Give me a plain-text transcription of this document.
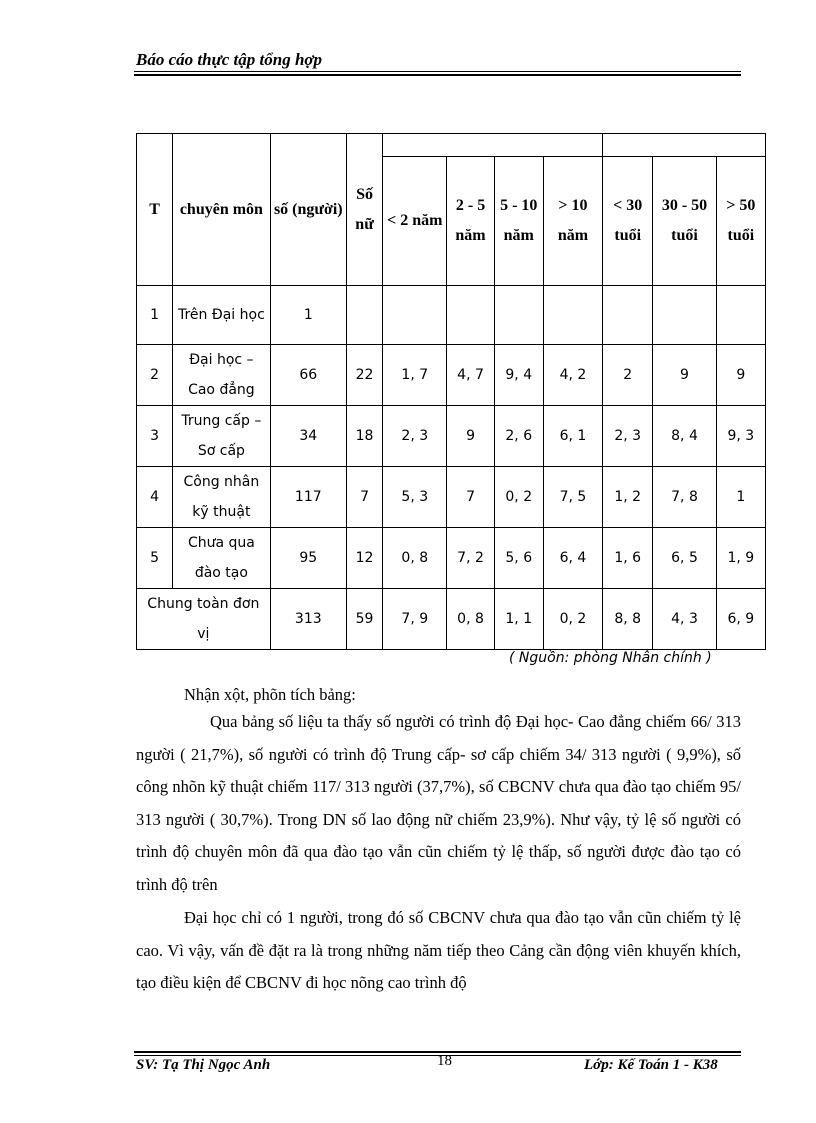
Báo cáo thực tập tổng hợp
T	chuyên môn	số (người)	Số nữ							
				< 2 năm	2 - 5 năm	5 - 10 năm	> 10 năm	< 30 tuổi	30 - 50 tuổi	> 50 tuổi
1	Trên Đại học	1								
2	Đại học – Cao đẳng	66	22	1, 7	4, 7	9, 4	4, 2	2	9	9
3	Trung cấp – Sơ cấp	34	18	2, 3	9	2, 6	6, 1	2, 3	8, 4	9, 3
4	Công nhân kỹ thuật	117	7	5, 3	7	0, 2	7, 5	1, 2	7, 8	1
5	Chưa qua đào tạo	95	12	0, 8	7, 2	5, 6	6, 4	1, 6	6, 5	1, 9
Chung toàn đơn vị		313	59	7, 9	0, 8	1, 1	0, 2	8, 8	4, 3	6, 9
( Nguồn: phòng Nhân chính )
Nhận xột, phõn tích bảng:
Qua bảng số liệu ta thấy số người có trình độ Đại học- Cao đẳng chiếm 66/ 313 người ( 21,7%), số người có trình độ Trung cấp- sơ cấp chiếm 34/ 313 người ( 9,9%), số công nhõn kỹ thuật chiếm 117/ 313 người (37,7%), số CBCNV chưa qua đào tạo chiếm 95/ 313 người ( 30,7%). Trong DN số lao động nữ chiếm 23,9%). Như vậy, tỷ lệ số người có trình độ chuyên môn đã qua đào tạo vẫn cũn chiếm tỷ lệ thấp, số người được đào tạo có trình độ trên
Đại học chỉ có 1 người, trong đó số CBCNV chưa qua đào tạo vẫn cũn chiếm tỷ lệ cao. Vì vậy, vấn đề đặt ra là trong những năm tiếp theo Cảng cần động viên khuyến khích, tạo điều kiện để CBCNV đi học nõng cao trình độ
SV: Tạ Thị Ngọc Anh	18	Lớp: Kế Toán 1 - K38
